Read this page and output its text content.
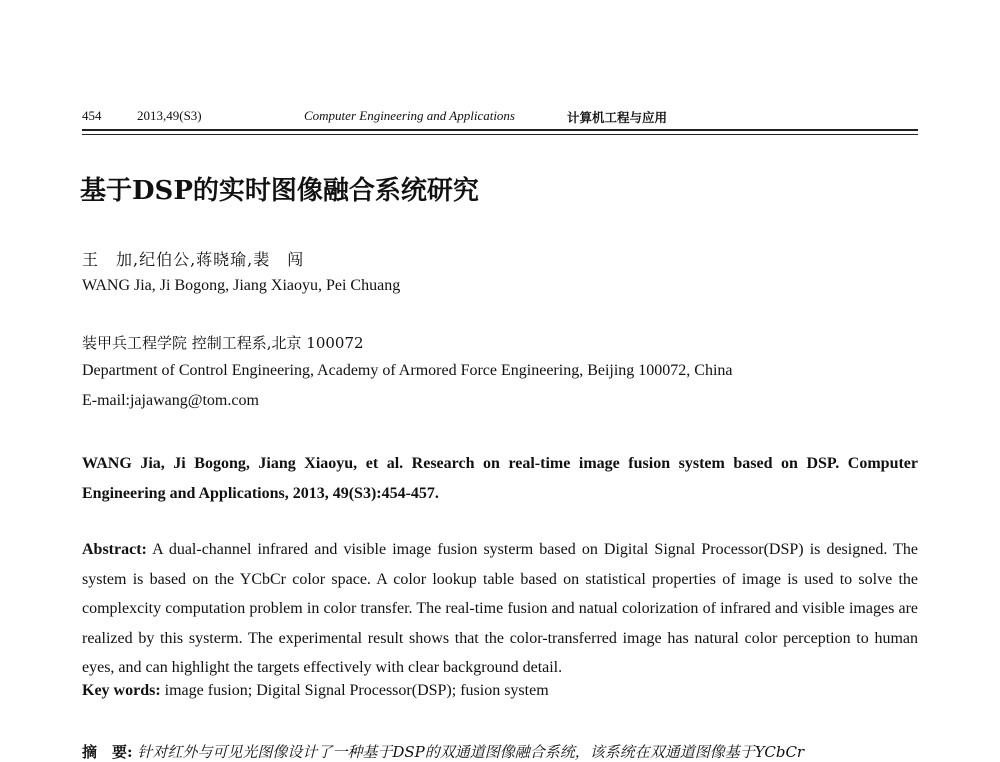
454	2013,49(S3)	Computer Engineering and Applications	计算机工程与应用
基于DSP的实时图像融合系统研究
王　加,纪伯公,蒋晓瑜,裴　闯
WANG Jia, Ji Bogong, Jiang Xiaoyu, Pei Chuang
装甲兵工程学院 控制工程系,北京 100072
Department of Control Engineering, Academy of Armored Force Engineering, Beijing 100072, China
E-mail:jajawang@tom.com
WANG Jia, Ji Bogong, Jiang Xiaoyu, et al. Research on real-time image fusion system based on DSP. Computer Engineering and Applications, 2013, 49(S3):454-457.
Abstract: A dual-channel infrared and visible image fusion systerm based on Digital Signal Processor(DSP) is designed. The system is based on the YCbCr color space. A color lookup table based on statistical properties of image is used to solve the complexcity computation problem in color transfer. The real-time fusion and natual colorization of infrared and visible images are realized by this systerm. The experimental result shows that the color-transferred image has natural color perception to human eyes, and can highlight the targets effectively with clear background detail.
Key words: image fusion; Digital Signal Processor(DSP); fusion system
摘　要: 针对红外与可见光图像设计了一种基于DSP的双通道图像融合系统，该系统在双通道图像基于YCbCr
